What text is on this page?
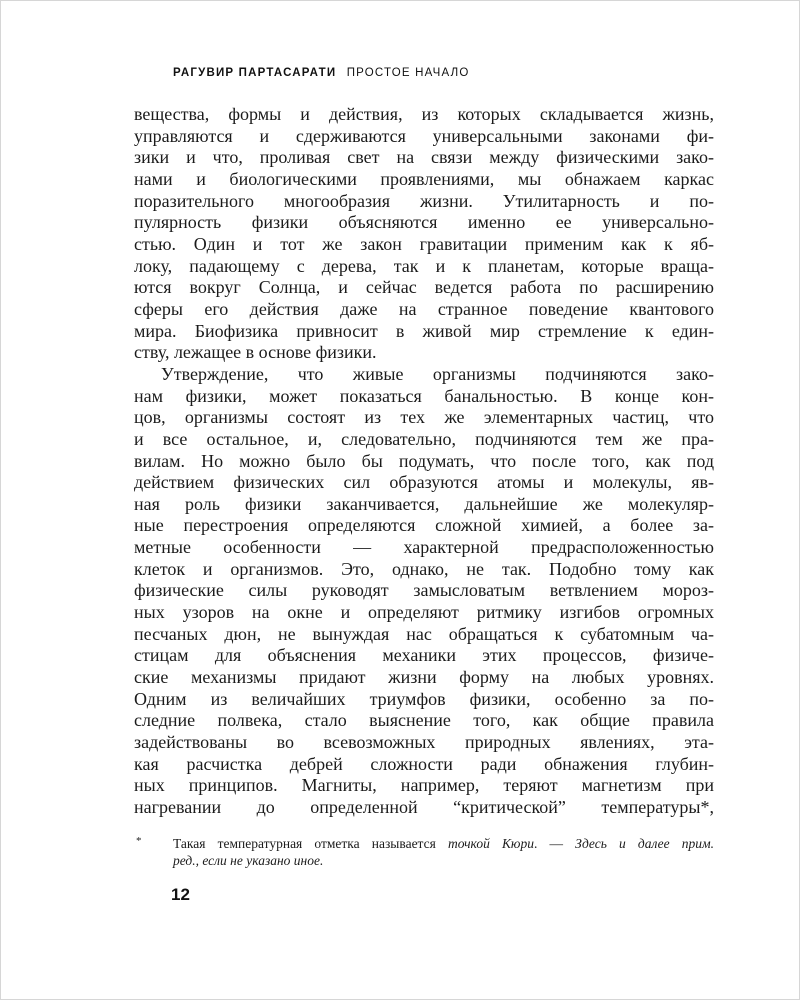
РАГУВИР ПАРТАСАРАТИ ПРОСТОЕ НАЧАЛО
вещества, формы и действия, из которых складывается жизнь,
управляются и сдерживаются универсальными законами фи-
зики и что, проливая свет на связи между физическими зако-
нами и биологическими проявлениями, мы обнажаем каркас
поразительного многообразия жизни. Утилитарность и по-
пулярность физики объясняются именно ее универсально-
стью. Один и тот же закон гравитации применим как к яб-
локу, падающему с дерева, так и к планетам, которые враща-
ются вокруг Солнца, и сейчас ведется работа по расширению
сферы его действия даже на странное поведение квантового
мира. Биофизика привносит в живой мир стремление к един-
ству, лежащее в основе физики.
Утверждение, что живые организмы подчиняются зако-
нам физики, может показаться банальностью. В конце кон-
цов, организмы состоят из тех же элементарных частиц, что
и все остальное, и, следовательно, подчиняются тем же пра-
вилам. Но можно было бы подумать, что после того, как под
действием физических сил образуются атомы и молекулы, яв-
ная роль физики заканчивается, дальнейшие же молекуляр-
ные перестроения определяются сложной химией, а более за-
метные особенности — характерной предрасположенностью
клеток и организмов. Это, однако, не так. Подобно тому как
физические силы руководят замысловатым ветвлением мороз-
ных узоров на окне и определяют ритмику изгибов огромных
песчаных дюн, не вынуждая нас обращаться к субатомным ча-
стицам для объяснения механики этих процессов, физиче-
ские механизмы придают жизни форму на любых уровнях.
Одним из величайших триумфов физики, особенно за по-
следние полвека, стало выяснение того, как общие правила
задействованы во всевозможных природных явлениях, эта-
кая расчистка дебрей сложности ради обнажения глубин-
ных принципов. Магниты, например, теряют магнетизм при
нагревании до определенной “критической” температуры*,
* Такая температурная отметка называется точкой Кюри. — Здесь и далее прим.
ред., если не указано иное.
12
